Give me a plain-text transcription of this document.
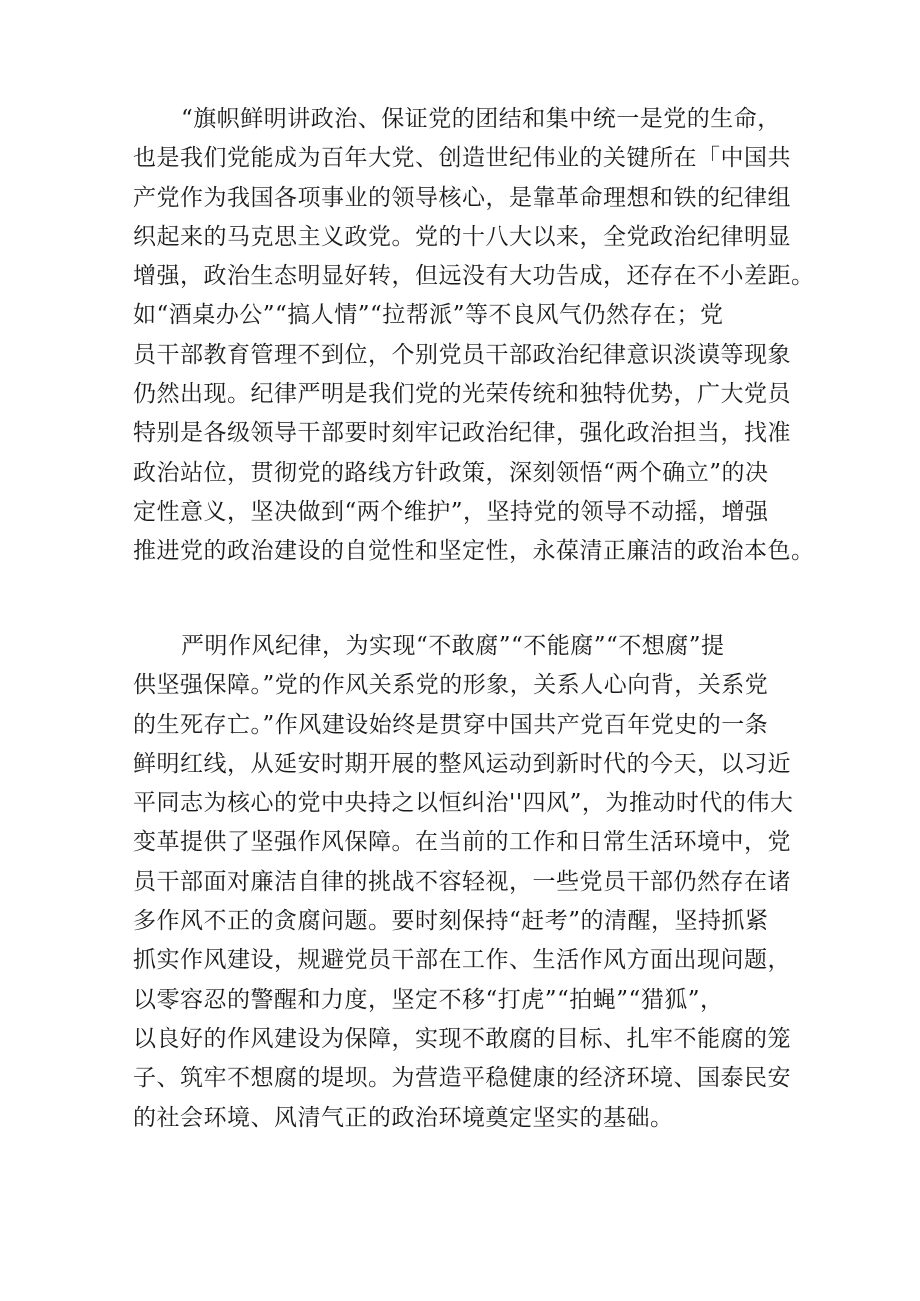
“旗帜鲜明讲政治、保证党的团结和集中统一是党的生命，
也是我们党能成为百年大党、创造世纪伟业的关键所在「中国共
产党作为我国各项事业的领导核心，是靠革命理想和铁的纪律组
织起来的马克思主义政党。党的十八大以来，全党政治纪律明显
增强，政治生态明显好转，但远没有大功告成，还存在不小差距。
如“酒桌办公”“搞人情”“拉帮派”等不良风气仍然存在；党
员干部教育管理不到位，个别党员干部政治纪律意识淡谟等现象
仍然出现。纪律严明是我们党的光荣传统和独特优势，广大党员
特别是各级领导干部要时刻牢记政治纪律，强化政治担当，找准
政治站位，贯彻党的路线方针政策，深刻领悟“两个确立”的决
定性意义，坚决做到“两个维护”，坚持党的领导不动摇，增强
推进党的政治建设的自觉性和坚定性，永葆清正廉洁的政治本色。
严明作风纪律，为实现“不敢腐”“不能腐”“不想腐”提
供坚强保障。”党的作风关系党的形象，关系人心向背，关系党
的生死存亡。”作风建设始终是贯穿中国共产党百年党史的一条
鲜明红线，从延安时期开展的整风运动到新时代的今天，以习近
平同志为核心的党中央持之以恒纠治''四风”，为推动时代的伟大
变革提供了坚强作风保障。在当前的工作和日常生活环境中，党
员干部面对廉洁自律的挑战不容轻视，一些党员干部仍然存在诸
多作风不正的贪腐问题。要时刻保持“赶考”的清醒，坚持抓紧
抓实作风建设，规避党员干部在工作、生活作风方面出现问题，
以零容忍的警醒和力度，坚定不移“打虎”“拍蝇”“猎狐”，
以良好的作风建设为保障，实现不敢腐的目标、扎牢不能腐的笼
子、筑牢不想腐的堤坝。为营造平稳健康的经济环境、国泰民安
的社会环境、风清气正的政治环境奠定坚实的基础。
